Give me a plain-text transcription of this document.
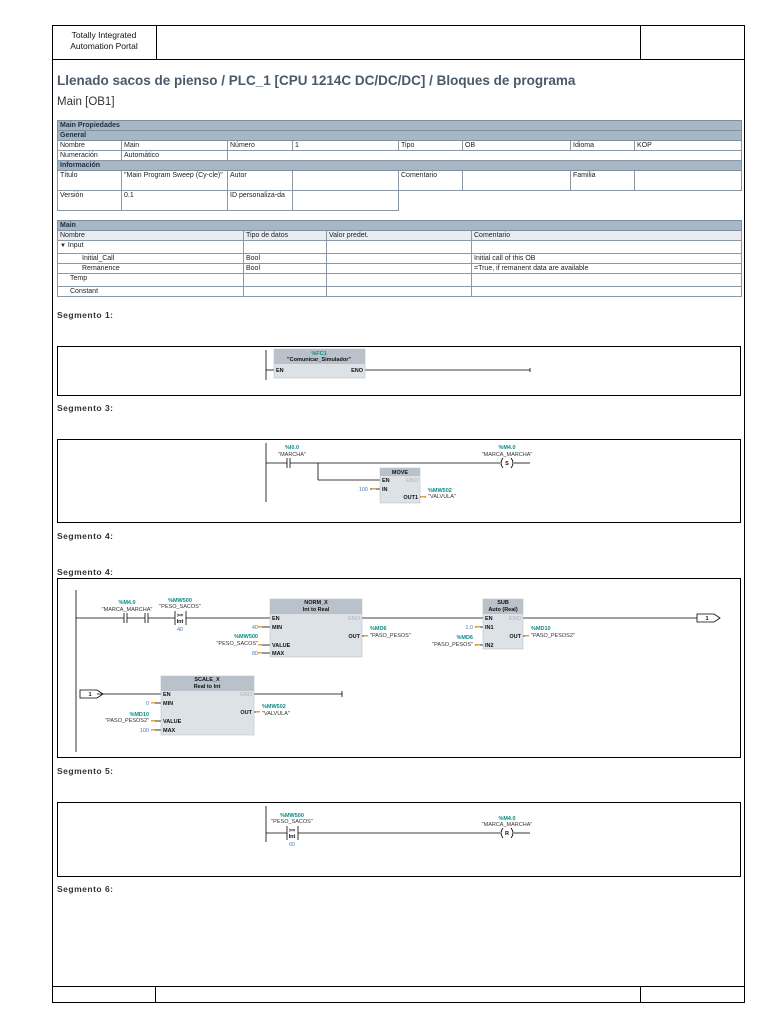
Totally Integrated
Automation Portal
Llenado sacos de pienso / PLC_1 [CPU 1214C DC/DC/DC] / Bloques de programa
Main [OB1]
Main Propiedades							
General							
Nombre	Main	Número	1	Tipo	OB	Idioma	KOP
Numeración	Automático						
Información							
Título	"Main Program Sweep (Cy-cle)"	Autor		Comentario		Familia	
Versión	0.1	ID personaliza-da					
Main			
Nombre	Tipo de datos	Valor predet.	Comentario
▼ Input			
Initial_Call	Bool		Initial call of this OB
Remanence	Bool		=True, if remanent data are available
Temp			
Constant			
Segmento 1:
Segmento 3:
Segmento 4:
Segmento 4:
Segmento 5:
Segmento 6:
%FC1
"Comunicar_Simulador"
EN	ENO
%I0.0
"MARCHA"
%M4.0
"MARCA_MARCHA"
S
MOVE
EN	ENO
IN
OUT1
100	%MW502
"VALVULA"
%M4.0
"MARCA_MARCHA"
%MW500
"PESO_SACOS"
>=
Int
40
NORM_X
Int to Real
EN	ENO
MIN
OUT
VALUE
MAX
40
%MW500
"PESO_SACOS"
80
%MD6
"PASO_PESOS"
SUB
Auto (Real)
EN	ENO
IN1
OUT
IN2
1.0
%MD6
"PASO_PESOS"
%MD10
"PASO_PESOS2"
1
1
SCALE_X
Real to Int
EN	ENO
MIN
OUT
VALUE
MAX
0
%MD10
"PASO_PESOS2"
100
%MW502
"VALVULA"
%MW500
"PESO_SACOS"
>=
Int
60
%M4.0
"MARCA_MARCHA"
R
